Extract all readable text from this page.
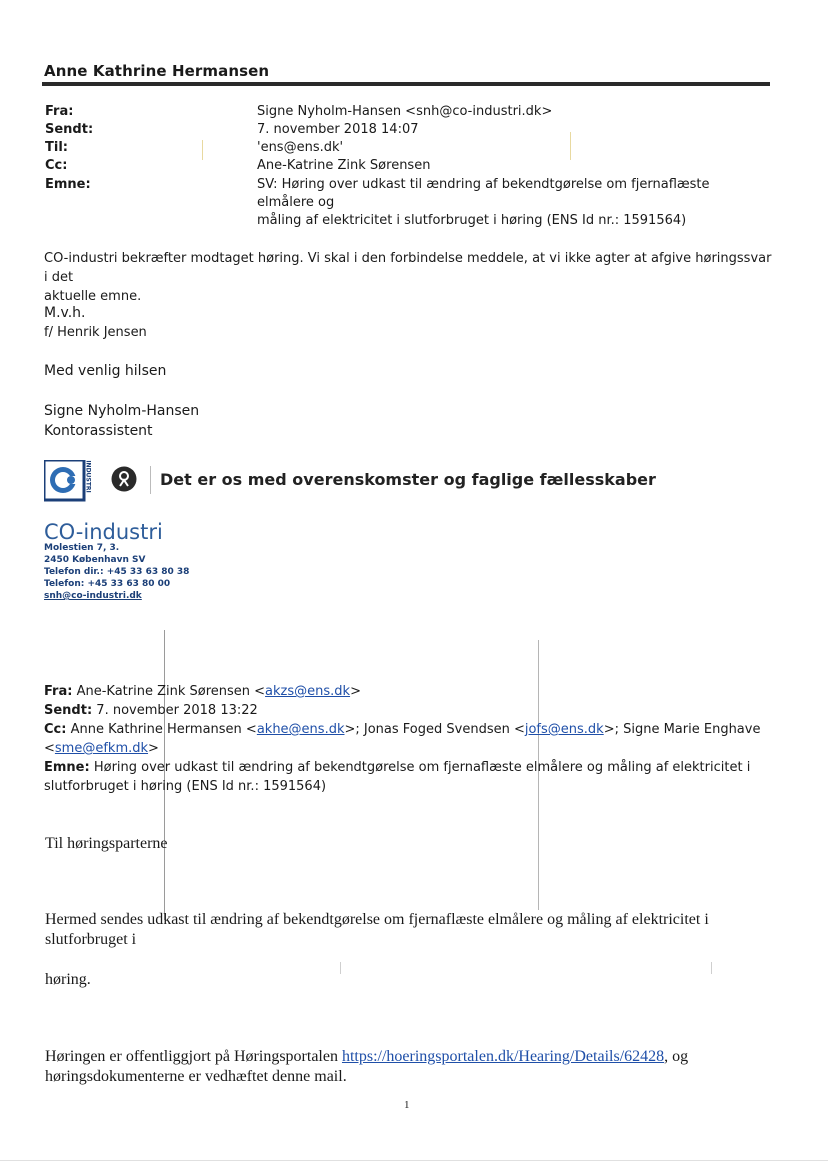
Anne Kathrine Hermansen
Fra:	Signe Nyholm-Hansen <snh@co-industri.dk>
Sendt:	7. november 2018 14:07
Til:	'ens@ens.dk'
Cc:	Ane-Katrine Zink Sørensen
Emne:	SV: Høring over udkast til ændring af bekendtgørelse om fjernaflæste elmålere og
måling af elektricitet i slutforbruget i høring (ENS Id nr.: 1591564)
CO-industri bekræfter modtaget høring. Vi skal i den forbindelse meddele, at vi ikke agter at afgive høringssvar i det
aktuelle emne.
M.v.h.
f/ Henrik Jensen
Med venlig hilsen
Signe Nyholm-Hansen
Kontorassistent
INDUSTRI	Det er os med overenskomster og faglige fællesskaber
CO-industri
Molestien 7, 3.
2450 København SV
Telefon dir.: +45 33 63 80 38
Telefon: +45 33 63 80 00
snh@co-industri.dk
Fra: Ane-Katrine Zink Sørensen <akzs@ens.dk>
Sendt: 7. november 2018 13:22
Cc: Anne Kathrine Hermansen <akhe@ens.dk>; Jonas Foged Svendsen <jofs@ens.dk>; Signe Marie Enghave
<sme@efkm.dk>
Emne: Høring over udkast til ændring af bekendtgørelse om fjernaflæste elmålere og måling af elektricitet i
slutforbruget i høring (ENS Id nr.: 1591564)
Til høringsparterne
Hermed sendes udkast til ændring af bekendtgørelse om fjernaflæste elmålere og måling af elektricitet i
slutforbruget i
høring.
Høringen er offentliggjort på Høringsportalen https://hoeringsportalen.dk/Hearing/Details/62428, og
høringsdokumenterne er vedhæftet denne mail.
1
